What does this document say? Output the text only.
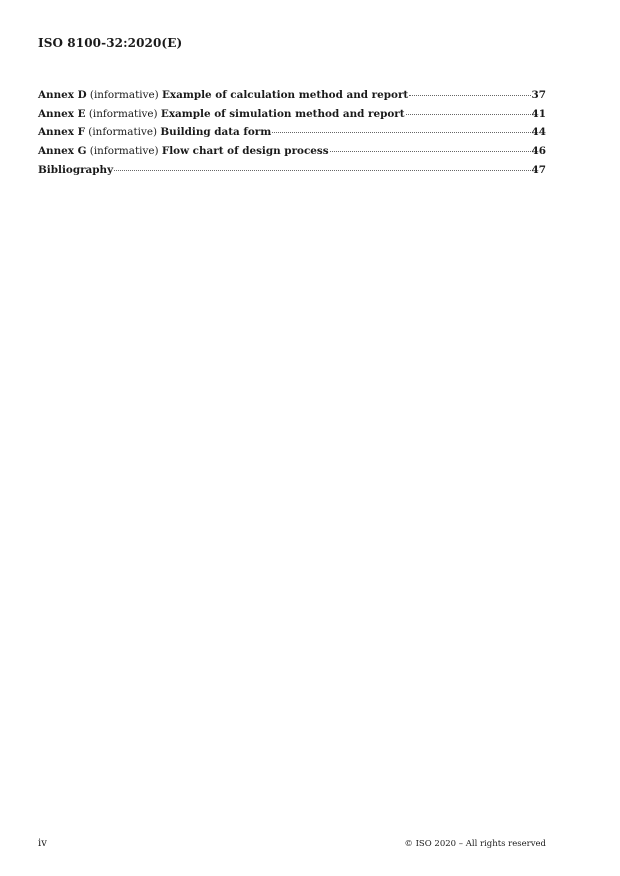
ISO 8100-32:2020(E)
Annex D (informative) Example of calculation method and report	37
Annex E (informative) Example of simulation method and report	41
Annex F (informative) Building data form	44
Annex G (informative) Flow chart of design process	46
Bibliography	47
iv	© ISO 2020 – All rights reserved
